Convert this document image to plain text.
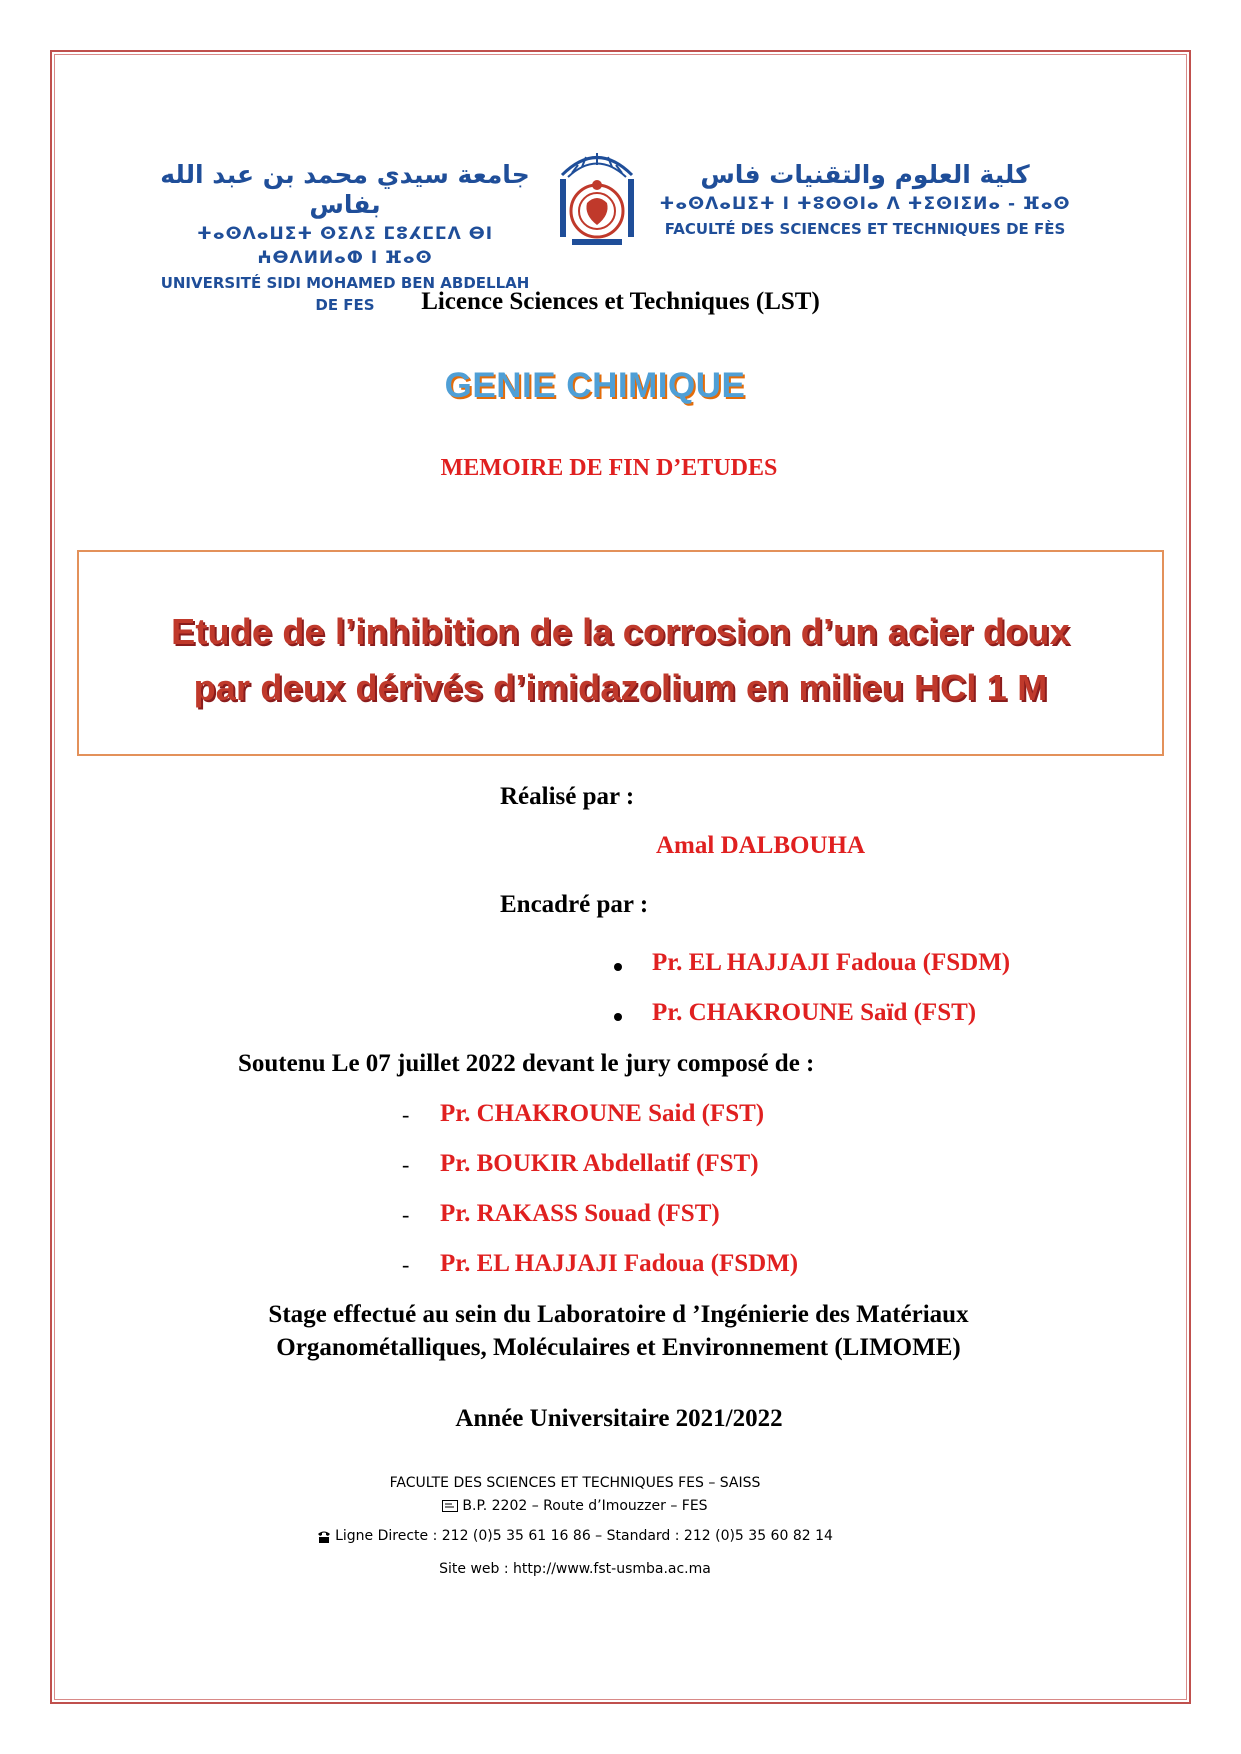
جامعة سيدي محمد بن عبد الله بفاس
ⵜⴰⵙⴷⴰⵡⵉⵜ ⵙⵉⴷⵉ ⵎⵓⵃⵎⵎⴷ ⴱⵏ ⵄⴱⴷⵍⵍⴰⵀ ⵏ ⴼⴰⵙ
UNIVERSITÉ SIDI MOHAMED BEN ABDELLAH DE FES
كلية العلوم والتقنيات فاس
ⵜⴰⵙⴷⴰⵡⵉⵜ ⵏ ⵜⵓⵙⵙⵏⴰ ⴷ ⵜⵉⵙⵏⵉⵍⴰ - ⴼⴰⵙ
FACULTÉ DES SCIENCES ET TECHNIQUES DE FÈS
Licence Sciences et Techniques (LST)
GENIE CHIMIQUE
MEMOIRE DE FIN D’ETUDES
Etude de l’inhibition de la corrosion d’un acier doux
par deux dérivés d’imidazolium en milieu HCl 1 M
Réalisé par :
Amal DALBOUHA
Encadré par :
Pr. EL HAJJAJI Fadoua (FSDM)
Pr. CHAKROUNE Saïd (FST)
Soutenu Le 07 juillet 2022 devant le jury composé de :
- Pr. CHAKROUNE Said (FST)
- Pr. BOUKIR Abdellatif (FST)
- Pr. RAKASS Souad (FST)
- Pr. EL HAJJAJI Fadoua (FSDM)
Stage effectué au sein du Laboratoire d ’Ingénierie des Matériaux
Organométalliques, Moléculaires et Environnement (LIMOME)
Année Universitaire 2021/2022
FACULTE DES SCIENCES ET TECHNIQUES FES – SAISS
B.P. 2202 – Route d’Imouzzer – FES
Ligne Directe : 212 (0)5 35 61 16 86 – Standard : 212 (0)5 35 60 82 14
Site web : http://www.fst-usmba.ac.ma
